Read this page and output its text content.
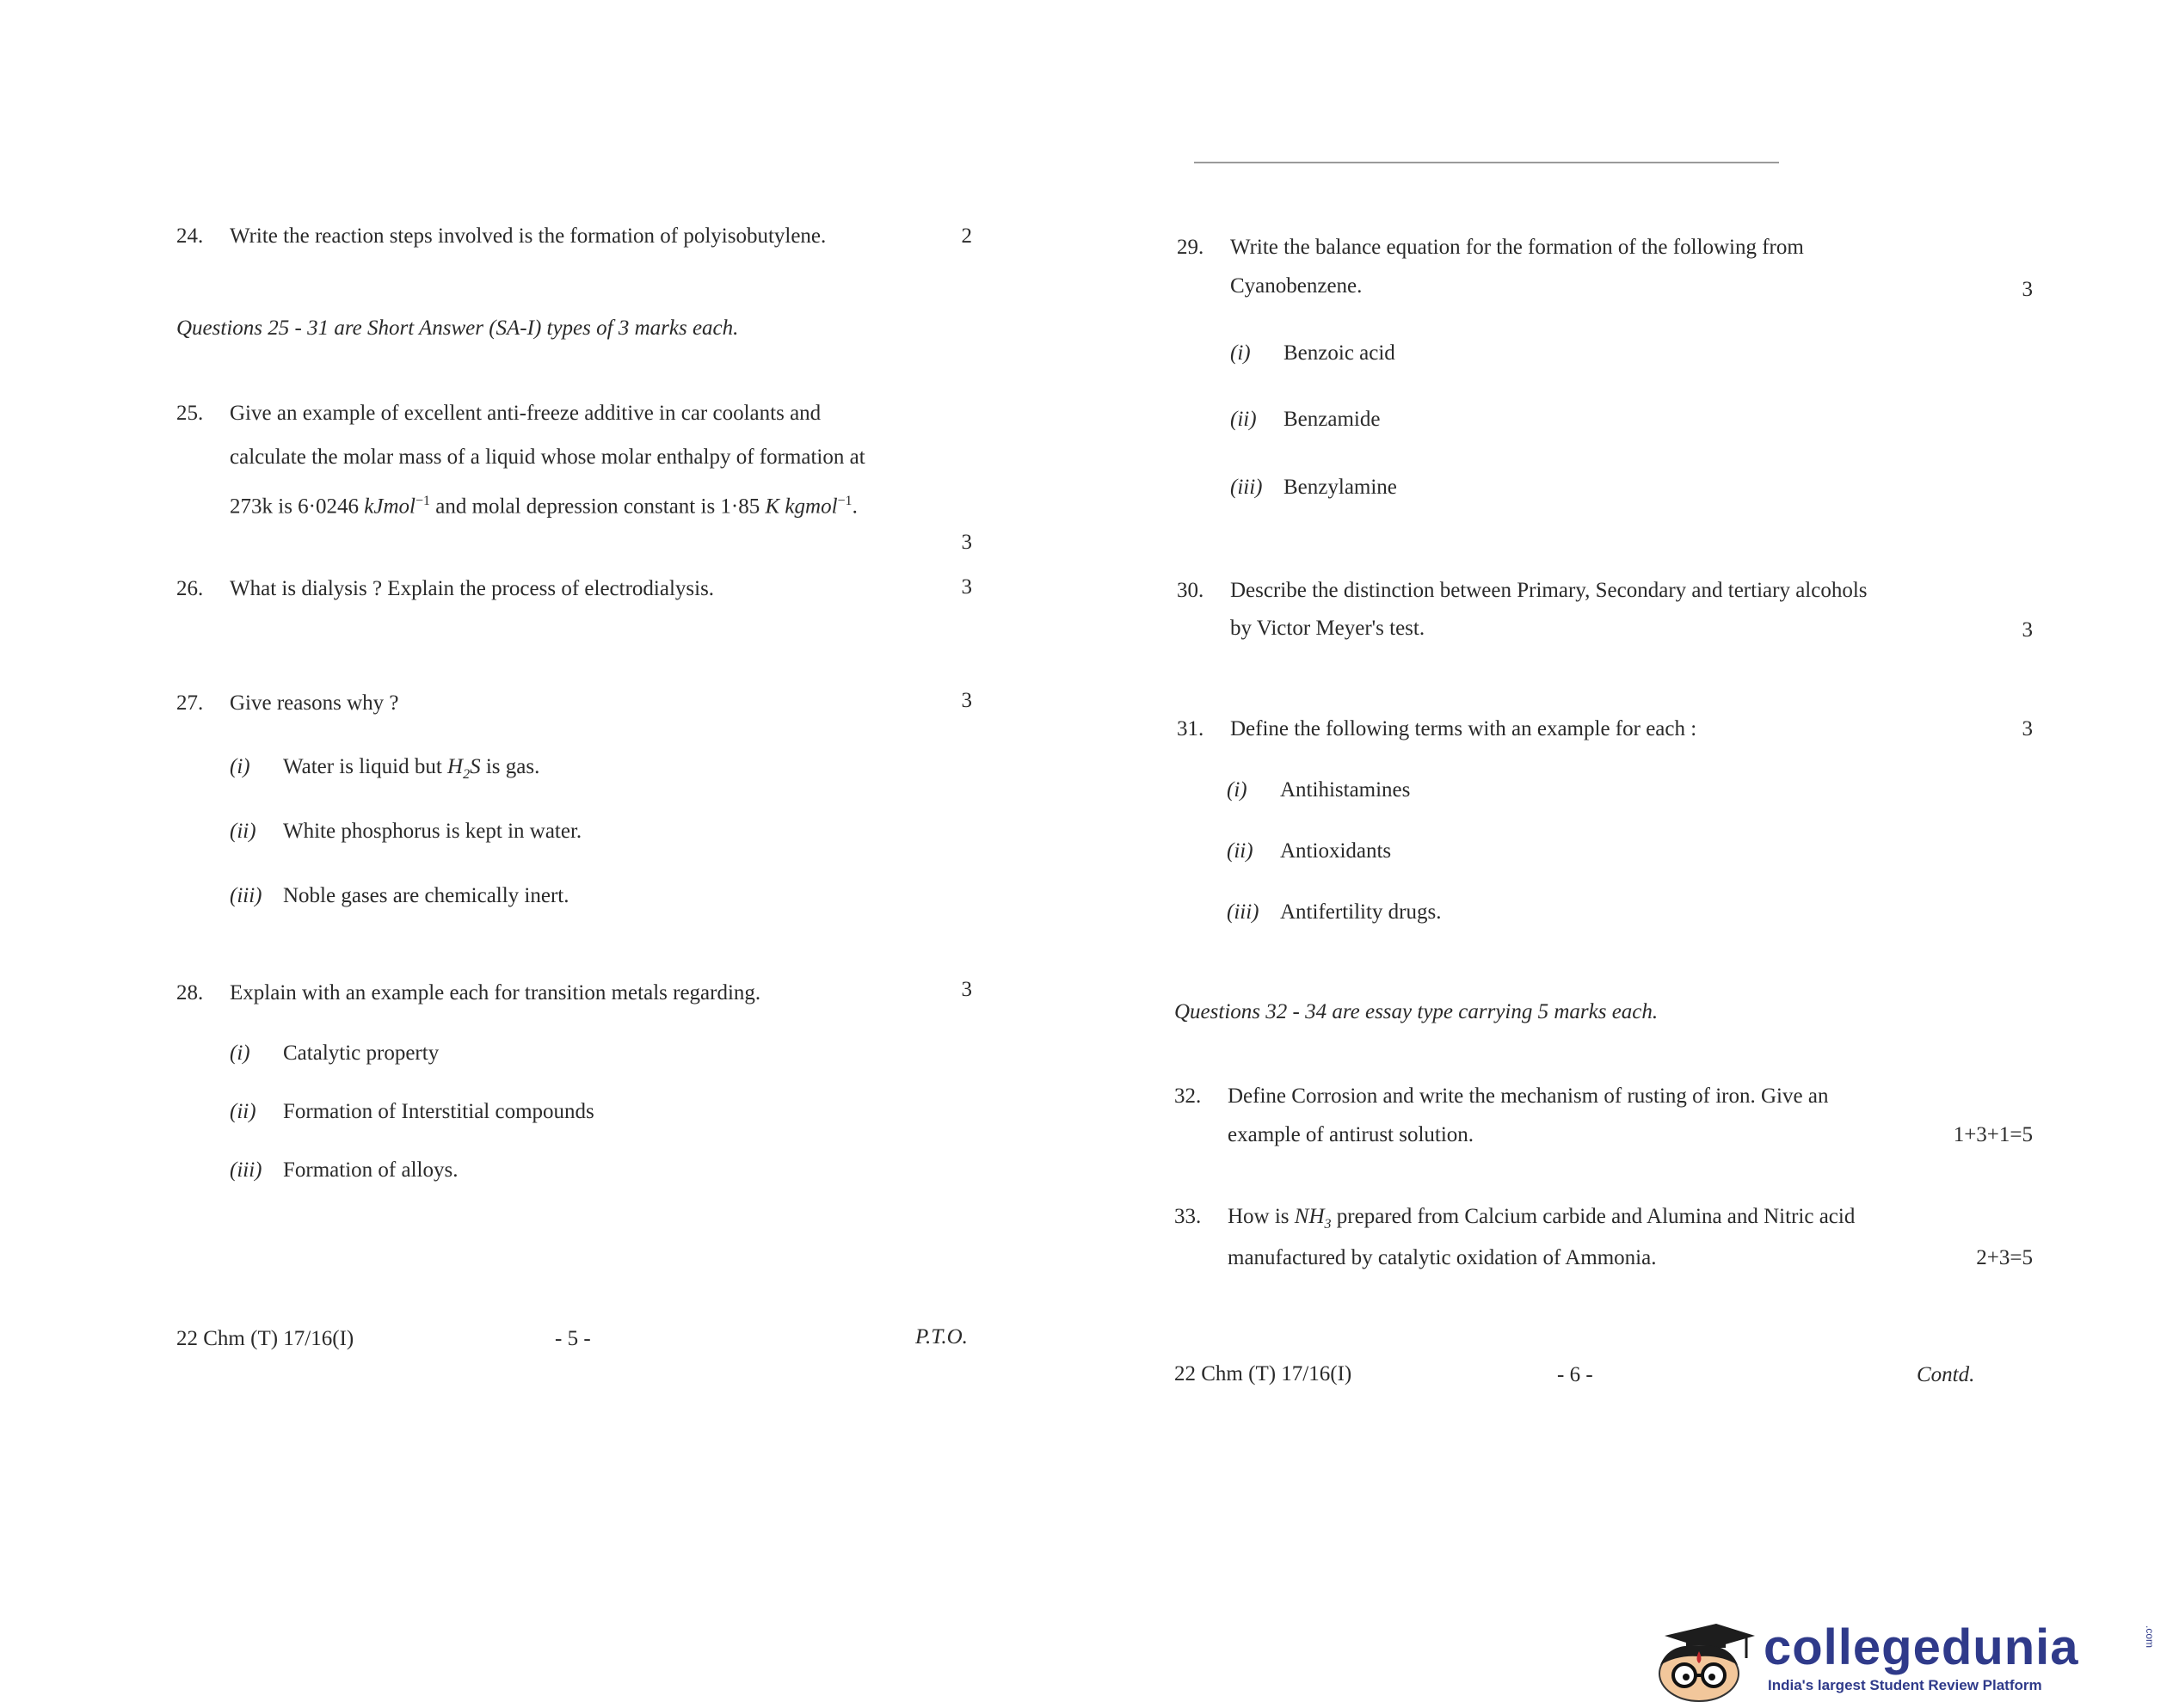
24. Write the reaction steps involved is the formation of polyisobutylene.	2
Questions 25 - 31 are Short Answer (SA-I) types of 3 marks each.
25. Give an example of excellent anti-freeze additive in car coolants and
calculate the molar mass of a liquid whose molar enthalpy of formation at
273k is 6·0246 kJmol$^{-1}$ and molal depression constant is 1·85 K kgmol$^{-1}$.
3
26. What is dialysis ? Explain the process of electrodialysis.	3
27. Give reasons why ?	3
(i) Water is liquid but $H_2S$ is gas.
(ii) White phosphorus is kept in water.
(iii) Noble gases are chemically inert.
28. Explain with an example each for transition metals regarding.	3
(i) Catalytic property
(ii) Formation of Interstitial compounds
(iii) Formation of alloys.
22 Chm (T) 17/16(I)	- 5 -	P.T.O.
29. Write the balance equation for the formation of the following from
Cyanobenzene.	3
(i) Benzoic acid
(ii) Benzamide
(iii) Benzylamine
30. Describe the distinction between Primary, Secondary and tertiary alcohols
by Victor Meyer's test.	3
31. Define the following terms with an example for each :	3
(i) Antihistamines
(ii) Antioxidants
(iii) Antifertility drugs.
Questions 32 - 34 are essay type carrying 5 marks each.
32. Define Corrosion and write the mechanism of rusting of iron. Give an
example of antirust solution.	1+3+1=5
33. How is $NH_3$ prepared from Calcium carbide and Alumina and Nitric acid
manufactured by catalytic oxidation of Ammonia.	2+3=5
22 Chm (T) 17/16(I)	- 6 -	Contd.
collegedunia	.com
India's largest Student Review Platform
